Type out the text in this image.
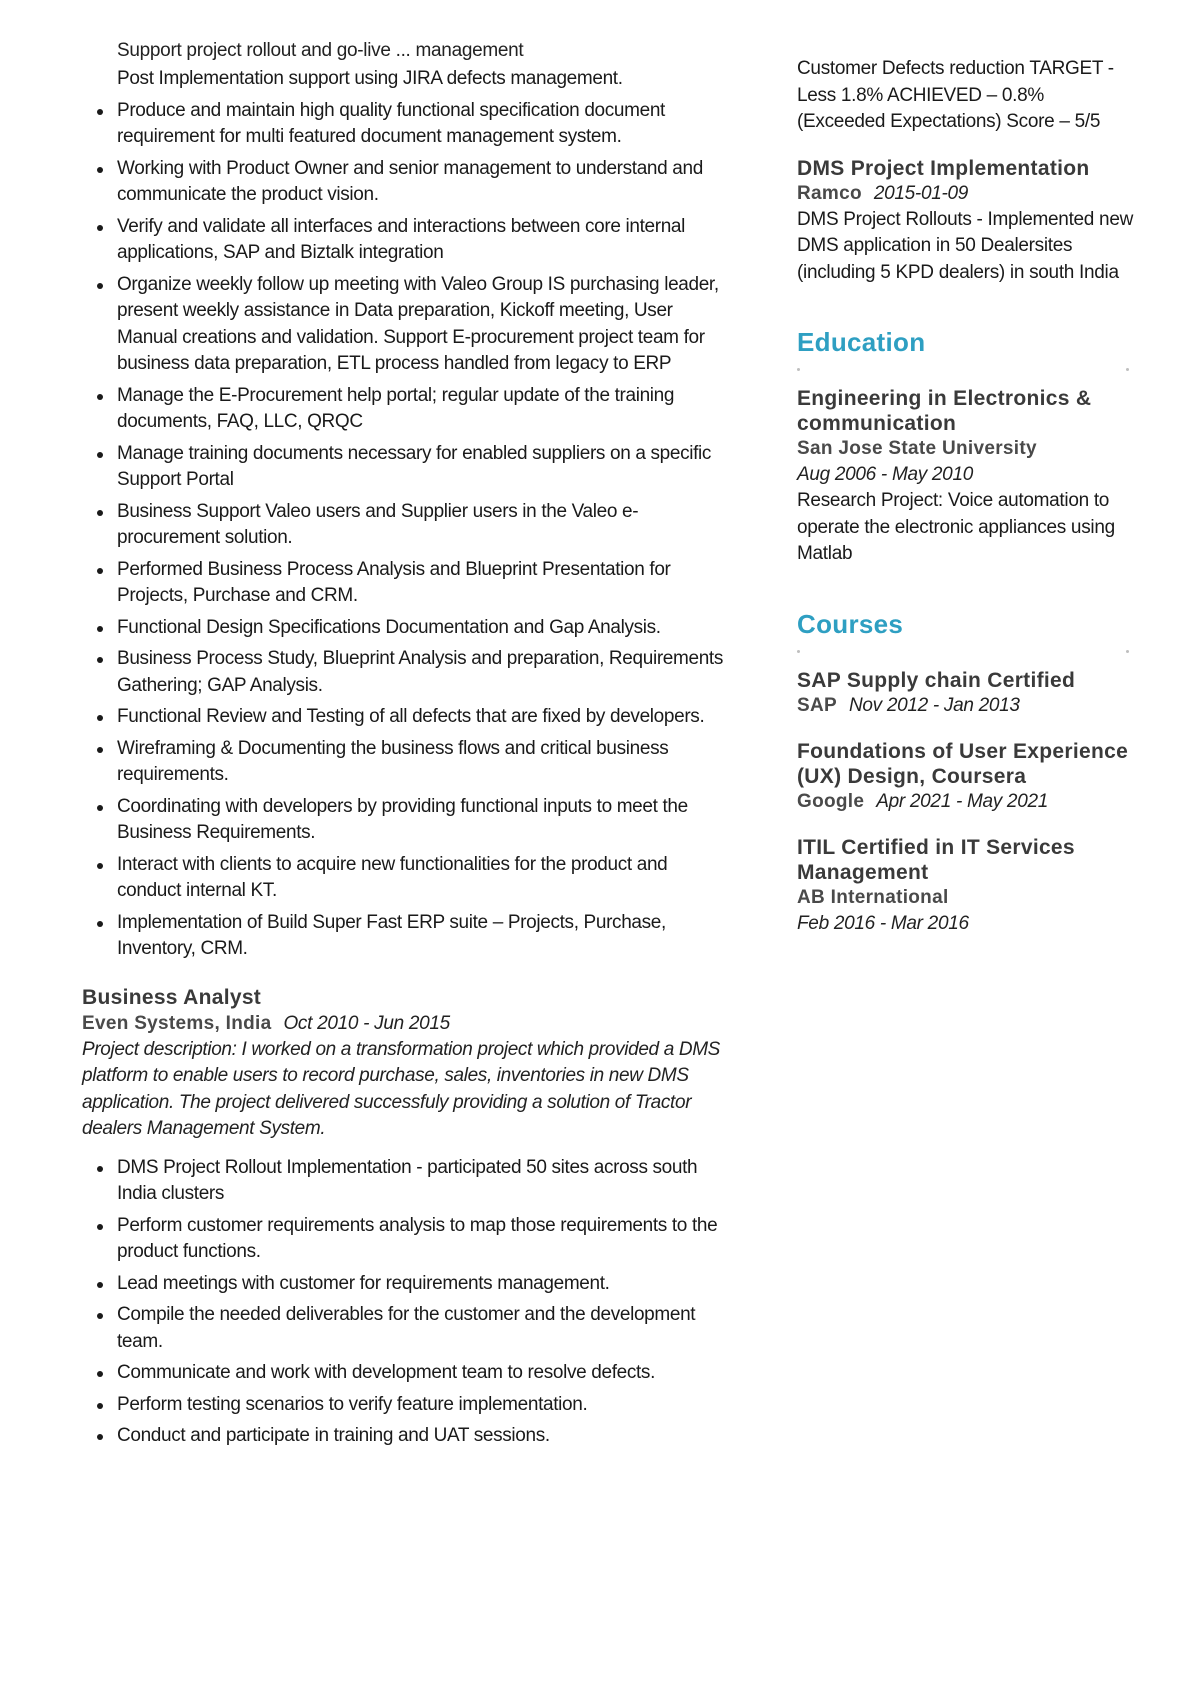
Support project rollout and go-live ... management
Post Implementation support using JIRA defects management.
Produce and maintain high quality functional specification document requirement for multi featured document management system.
Working with Product Owner and senior management to understand and communicate the product vision.
Verify and validate all interfaces and interactions between core internal applications, SAP and Biztalk integration
Organize weekly follow up meeting with Valeo Group IS purchasing leader, present weekly assistance in Data preparation, Kickoff meeting, User Manual creations and validation. Support E-procurement project team for business data preparation, ETL process handled from legacy to ERP
Manage the E-Procurement help portal; regular update of the training documents, FAQ, LLC, QRQC
Manage training documents necessary for enabled suppliers on a specific Support Portal
Business Support Valeo users and Supplier users in the Valeo e-procurement solution.
Performed Business Process Analysis and Blueprint Presentation for Projects, Purchase and CRM.
Functional Design Specifications Documentation and Gap Analysis.
Business Process Study, Blueprint Analysis and preparation, Requirements Gathering; GAP Analysis.
Functional Review and Testing of all defects that are fixed by developers.
Wireframing & Documenting the business flows and critical business requirements.
Coordinating with developers by providing functional inputs to meet the Business Requirements.
Interact with clients to acquire new functionalities for the product and conduct internal KT.
Implementation of Build Super Fast ERP suite – Projects, Purchase, Inventory, CRM.
Business Analyst
Even Systems, India Oct 2010 - Jun 2015
Project description: I worked on a transformation project which provided a DMS platform to enable users to record purchase, sales, inventories in new DMS application. The project delivered successfuly providing a solution of Tractor dealers Management System.
DMS Project Rollout Implementation - participated 50 sites across south India clusters
Perform customer requirements analysis to map those requirements to the product functions.
Lead meetings with customer for requirements management.
Compile the needed deliverables for the customer and the development team.
Communicate and work with development team to resolve defects.
Perform testing scenarios to verify feature implementation.
Conduct and participate in training and UAT sessions.
Customer Defects reduction TARGET - Less 1.8% ACHIEVED – 0.8% (Exceeded Expectations) Score – 5/5
DMS Project Implementation
Ramco 2015-01-09
DMS Project Rollouts - Implemented new DMS application in 50 Dealersites (including 5 KPD dealers) in south India
Education
Engineering in Electronics & communication
San Jose State University
Aug 2006 - May 2010
Research Project: Voice automation to operate the electronic appliances using Matlab
Courses
SAP Supply chain Certified
SAP Nov 2012 - Jan 2013
Foundations of User Experience (UX) Design, Coursera
Google Apr 2021 - May 2021
ITIL Certified in IT Services Management
AB International
Feb 2016 - Mar 2016
